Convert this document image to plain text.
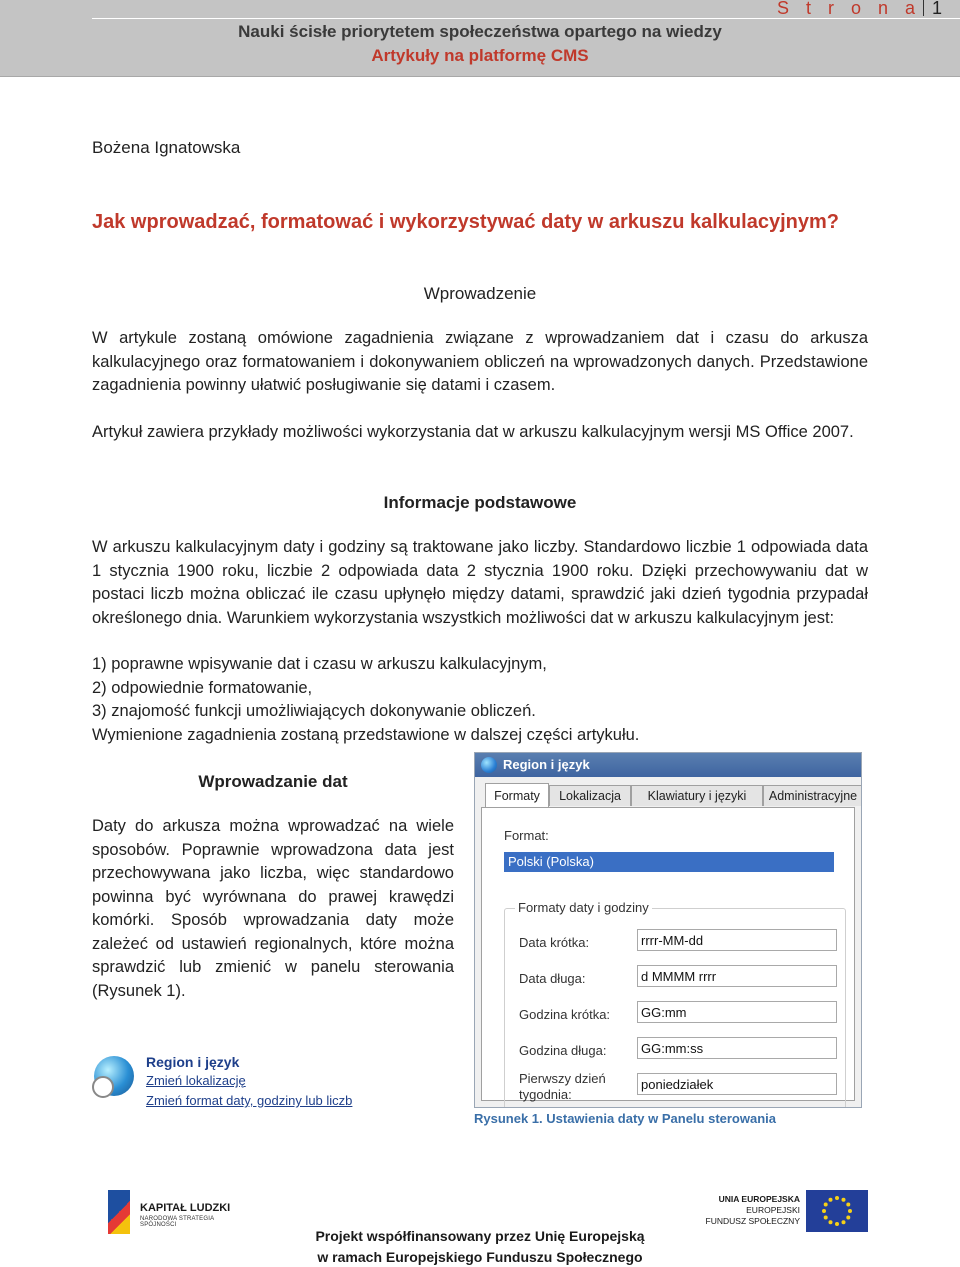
Nauki ścisłe priorytetem społeczeństwa opartego na wiedzy
Artykuły na platformę CMS
S t r o n a 1
Bożena Ignatowska
Jak wprowadzać, formatować i wykorzystywać daty w arkuszu kalkulacyjnym?
Wprowadzenie
W artykule zostaną omówione zagadnienia związane z wprowadzaniem dat i czasu do arkusza kalkulacyjnego oraz formatowaniem i dokonywaniem obliczeń na wprowadzonych danych. Przedstawione zagadnienia powinny ułatwić posługiwanie się datami i czasem.
Artykuł zawiera przykłady możliwości wykorzystania dat w arkuszu kalkulacyjnym wersji MS Office 2007.
Informacje podstawowe
W arkuszu kalkulacyjnym daty i godziny są traktowane jako liczby. Standardowo liczbie 1 odpowiada data 1 stycznia 1900 roku, liczbie 2 odpowiada data 2 stycznia 1900 roku. Dzięki przechowywaniu dat w postaci liczb można obliczać ile czasu upłynęło między datami, sprawdzić jaki dzień tygodnia przypadał określonego dnia. Warunkiem wykorzystania wszystkich możliwości dat w arkuszu kalkulacyjnym jest:
1) poprawne wpisywanie dat i czasu w arkuszu kalkulacyjnym,
2) odpowiednie formatowanie,
3) znajomość funkcji umożliwiających dokonywanie obliczeń.
Wymienione zagadnienia zostaną przedstawione w dalszej części artykułu.
Wprowadzanie dat
Daty do arkusza można wprowadzać na wiele sposobów. Poprawnie wprowadzona data jest przechowywana jako liczba, więc standardowo powinna być wyrównana do prawej krawędzi komórki. Sposób wprowadzania daty może zależeć od ustawień regionalnych, które można sprawdzić lub zmienić w panelu sterowania (Rysunek 1).
Region i język
Formaty	Lokalizacja	Klawiatury i języki	Administracyjne
Format:
Polski (Polska)
Formaty daty i godziny
Data krótka:	rrrr-MM-dd
Data długa:	d MMMM rrrr
Godzina krótka:	GG:mm
Godzina długa:	GG:mm:ss
Pierwszy dzień tygodnia:
poniedziałek
Rysunek 1. Ustawienia daty w Panelu sterowania
Region i język
Zmień lokalizację
Zmień format daty, godziny lub liczb
KAPITAŁ LUDZKI
NARODOWA STRATEGIA SPÓJNOŚCI
Projekt współfinansowany przez Unię Europejską
w ramach Europejskiego Funduszu Społecznego
UNIA EUROPEJSKA
EUROPEJSKI
FUNDUSZ SPOŁECZNY
